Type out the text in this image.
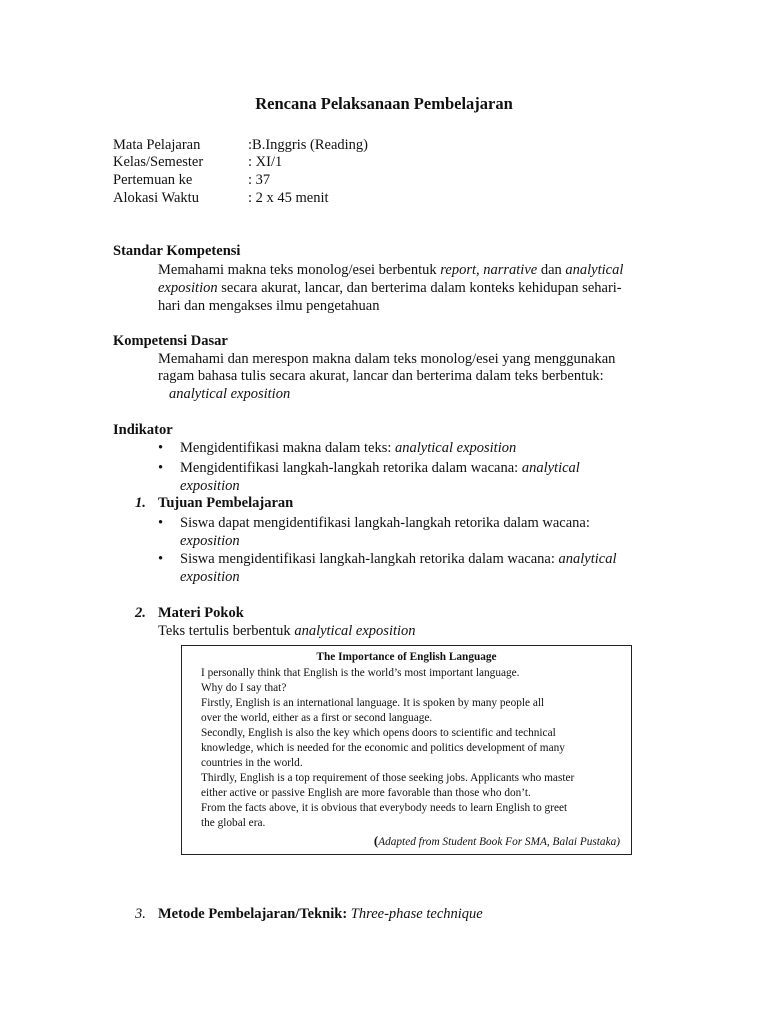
Rencana Pelaksanaan Pembelajaran
Mata Pelajaran	:B.Inggris (Reading)
Kelas/Semester	: XI/1
Pertemuan ke	: 37
Alokasi Waktu	: 2 x 45 menit
Standar Kompetensi
Memahami makna teks monolog/esei berbentuk report, narrative dan analytical
exposition secara akurat, lancar, dan berterima dalam konteks kehidupan sehari-
hari dan mengakses ilmu pengetahuan
Kompetensi Dasar
Memahami dan merespon makna dalam teks monolog/esei yang menggunakan
ragam bahasa tulis secara akurat, lancar dan berterima dalam teks berbentuk:
analytical exposition
Indikator
• Mengidentifikasi makna dalam teks: analytical exposition
• Mengidentifikasi langkah-langkah retorika dalam wacana: analytical
exposition
1. Tujuan Pembelajaran
• Siswa dapat mengidentifikasi langkah-langkah retorika dalam wacana:
exposition
• Siswa mengidentifikasi langkah-langkah retorika dalam wacana: analytical
exposition
2. Materi Pokok
Teks tertulis berbentuk analytical exposition
The Importance of English Language
I personally think that English is the world’s most important language.
Why do I say that?
Firstly, English is an international language. It is spoken by many people all
over the world, either as a first or second language.
Secondly, English is also the key which opens doors to scientific and technical
knowledge, which is needed for the economic and politics development of many
countries in the world.
Thirdly, English is a top requirement of those seeking jobs. Applicants who master
either active or passive English are more favorable than those who don’t.
From the facts above, it is obvious that everybody needs to learn English to greet
the global era.
(Adapted from Student Book For SMA, Balai Pustaka)
3. Metode Pembelajaran/Teknik: Three-phase technique
